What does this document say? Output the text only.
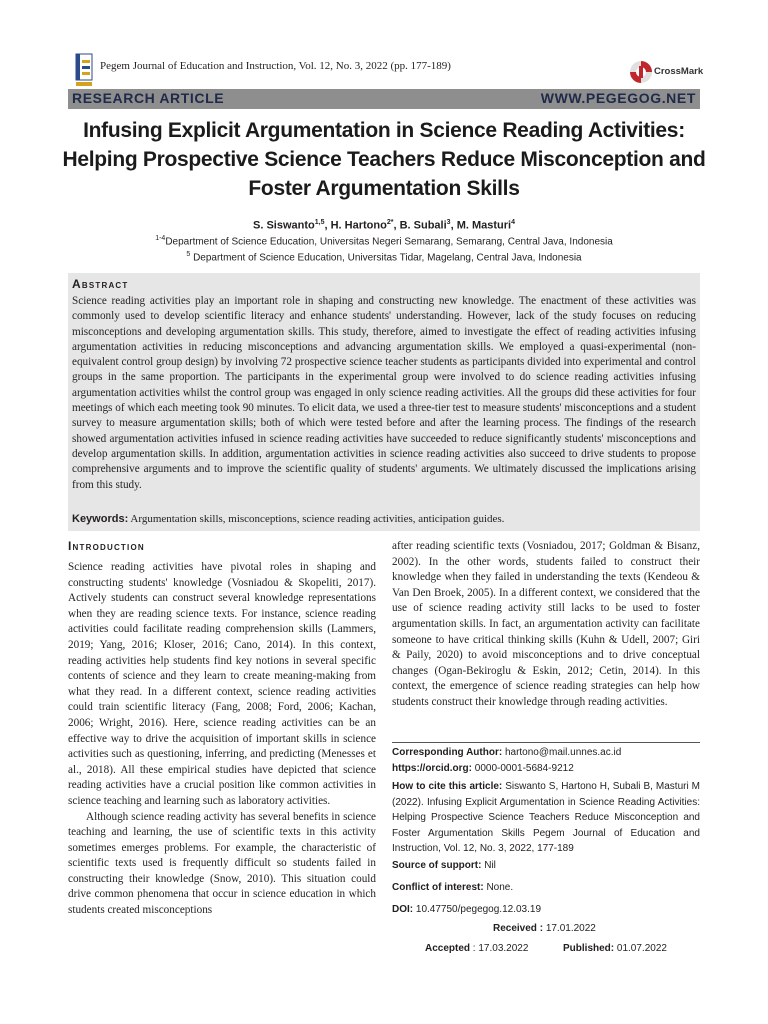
Pegem Journal of Education and Instruction, Vol. 12, No. 3, 2022 (pp. 177-189)	CrossMark
RESEARCH ARTICLE	WWW.PEGEGOG.NET
Infusing Explicit Argumentation in Science Reading Activities: Helping Prospective Science Teachers Reduce Misconception and Foster Argumentation Skills
S. Siswanto$^{1,5}$, H. Hartono$^{2*}$, B. Subali$^3$, M. Masturi$^4$
$^{1-4}$Department of Science Education, Universitas Negeri Semarang, Semarang, Central Java, Indonesia
$^5$ Department of Science Education, Universitas Tidar, Magelang, Central Java, Indonesia
Abstract
Science reading activities play an important role in shaping and constructing new knowledge. The enactment of these activities was commonly used to develop scientific literacy and enhance students' understanding. However, lack of the study focuses on reducing misconceptions and developing argumentation skills. This study, therefore, aimed to investigate the effect of reading activities infusing argumentation activities in reducing misconceptions and advancing argumentation skills. We employed a quasi-experimental (non-equivalent control group design) by involving 72 prospective science teacher students as participants divided into experimental and control groups in the same proportion. The participants in the experimental group were involved to do science reading activities infusing argumentation activities whilst the control group was engaged in only science reading activities. All the groups did these activities for four meetings of which each meeting took 90 minutes. To elicit data, we used a three-tier test to measure students' misconceptions and a student survey to measure argumentation skills; both of which were tested before and after the learning process. The findings of the research showed argumentation activities infused in science reading activities have succeeded to reduce significantly students' misconceptions and develop argumentation skills. In addition, argumentation activities in science reading activities also succeed to drive students to propose comprehensive arguments and to improve the scientific quality of students' arguments. We ultimately discussed the implications arising from this study.
Keywords: Argumentation skills, misconceptions, science reading activities, anticipation guides.
Introduction

Science reading activities have pivotal roles in shaping and constructing students' knowledge (Vosniadou & Skopeliti, 2017). Actively students can construct several knowledge representations when they are reading science texts. For instance, science reading activities could facilitate reading comprehension skills (Lammers, 2019; Yang, 2016; Kloser, 2016; Cano, 2014). In this context, reading activities help students find key notions in several specific contents of science and they learn to create meaning-making from what they read. In a different context, science reading activities could train scientific literacy (Fang, 2008; Ford, 2006; Kachan, 2006; Wright, 2016). Here, science reading activities can be an effective way to drive the acquisition of important skills in science activities such as questioning, inferring, and predicting (Menesses et al., 2018). All these empirical studies have depicted that science reading activities have a crucial position like common activities in science teaching and learning such as laboratory activities.

Although science reading activity has several benefits in science teaching and learning, the use of scientific texts in this activity sometimes emerges problems. For example, the characteristic of scientific texts used is frequently difficult so students failed in constructing their knowledge (Snow, 2010). This situation could drive common phenomena that occur in science education in which students created misconceptions

after reading scientific texts (Vosniadou, 2017; Goldman & Bisanz, 2002). In the other words, students failed to construct their knowledge when they failed in understanding the texts (Kendeou & Van Den Broek, 2005). In a different context, we considered that the use of science reading activity still lacks to be used to foster argumentation skills. In fact, an argumentation activity can facilitate someone to have critical thinking skills (Kuhn & Udell, 2007; Giri & Paily, 2020) to avoid misconceptions and to drive conceptual changes (Ogan-Bekiroglu & Eskin, 2012; Cetin, 2014). In this context, the emergence of science reading strategies can help how students construct their knowledge through reading activities.
Corresponding Author: hartono@mail.unnes.ac.id
https://orcid.org: 0000-0001-5684-9212
How to cite this article: Siswanto S, Hartono H, Subali B, Masturi M (2022). Infusing Explicit Argumentation in Science Reading Activities: Helping Prospective Science Teachers Reduce Misconception and Foster Argumentation Skills Pegem Journal of Education and Instruction, Vol. 12, No. 3, 2022, 177-189
Source of support: Nil
Conflict of interest: None.
DOI: 10.47750/pegegog.12.03.19
Received : 17.01.2022
Accepted : 17.03.2022	Published: 01.07.2022
